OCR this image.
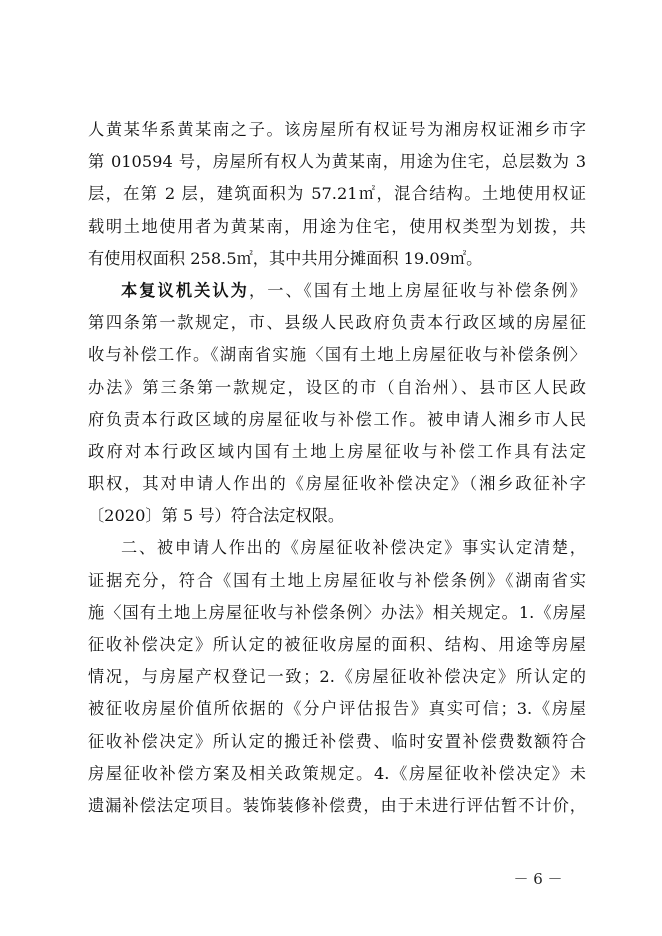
人黄某华系黄某南之子。该房屋所有权证号为湘房权证湘乡市字
第 010594 号，房屋所有权人为黄某南，用途为住宅，总层数为 3
层，在第 2 层，建筑面积为 57.21㎡，混合结构。土地使用权证
载明土地使用者为黄某南，用途为住宅，使用权类型为划拨，共
有使用权面积 258.5㎡，其中共用分摊面积 19.09㎡。
本复议机关认为，一、《国有土地上房屋征收与补偿条例》
第四条第一款规定，市、县级人民政府负责本行政区域的房屋征
收与补偿工作。《湖南省实施〈国有土地上房屋征收与补偿条例〉
办法》第三条第一款规定，设区的市（自治州）、县市区人民政
府负责本行政区域的房屋征收与补偿工作。被申请人湘乡市人民
政府对本行政区域内国有土地上房屋征收与补偿工作具有法定
职权，其对申请人作出的《房屋征收补偿决定》（湘乡政征补字
〔2020〕第 5 号）符合法定权限。
二、被申请人作出的《房屋征收补偿决定》事实认定清楚，
证据充分，符合《国有土地上房屋征收与补偿条例》《湖南省实
施〈国有土地上房屋征收与补偿条例〉办法》相关规定。1.《房屋
征收补偿决定》所认定的被征收房屋的面积、结构、用途等房屋
情况，与房屋产权登记一致；2.《房屋征收补偿决定》所认定的
被征收房屋价值所依据的《分户评估报告》真实可信；3.《房屋
征收补偿决定》所认定的搬迁补偿费、临时安置补偿费数额符合
房屋征收补偿方案及相关政策规定。4.《房屋征收补偿决定》未
遗漏补偿法定项目。装饰装修补偿费，由于未进行评估暂不计价，
－ 6 －
